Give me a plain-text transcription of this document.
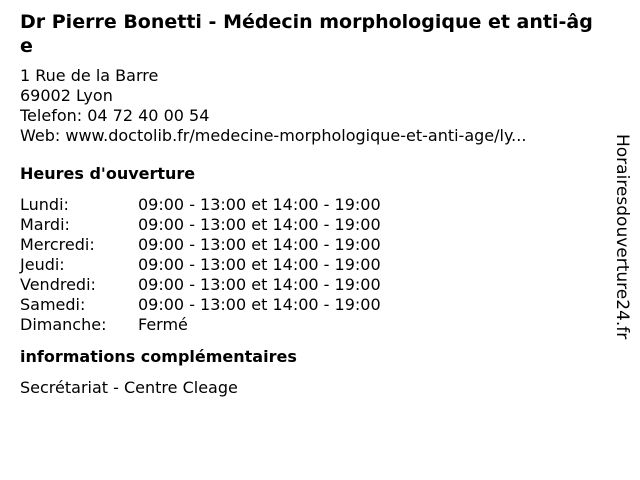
Dr Pierre Bonetti - Médecin morphologique et anti-âge
1 Rue de la Barre
69002 Lyon
Telefon: 04 72 40 00 54
Web: www.doctolib.fr/medecine-morphologique-et-anti-age/ly...
Heures d'ouverture
Lundi:	09:00 - 13:00 et 14:00 - 19:00
Mardi:	09:00 - 13:00 et 14:00 - 19:00
Mercredi:	09:00 - 13:00 et 14:00 - 19:00
Jeudi:	09:00 - 13:00 et 14:00 - 19:00
Vendredi:	09:00 - 13:00 et 14:00 - 19:00
Samedi:	09:00 - 13:00 et 14:00 - 19:00
Dimanche:	Fermé
informations complémentaires
Secrétariat - Centre Cleage
Horairesdouverture24.fr
